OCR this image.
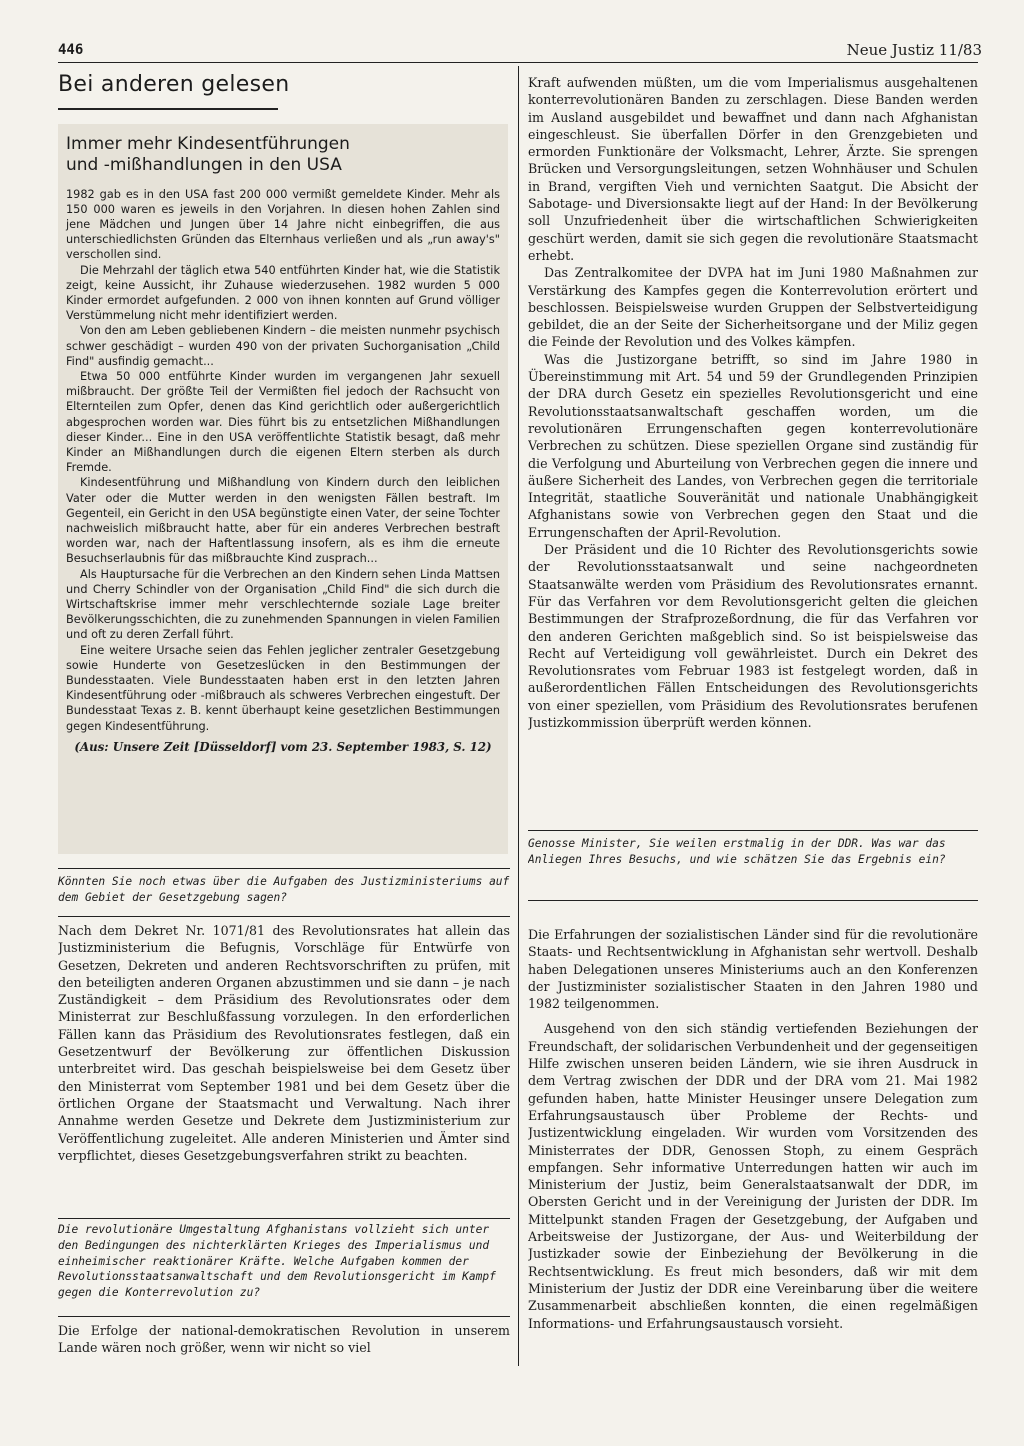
446	Neue Justiz 11/83
Bei anderen gelesen
Immer mehr Kindesentführungen
und -mißhandlungen in den USA

1982 gab es in den USA fast 200 000 vermißt gemeldete Kinder. Mehr als 150 000 waren es jeweils in den Vorjahren. In diesen hohen Zahlen sind jene Mädchen und Jungen über 14 Jahre nicht einbegriffen, die aus unterschiedlichsten Gründen das Elternhaus verließen und als „run away's" verschollen sind.

Die Mehrzahl der täglich etwa 540 entführten Kinder hat, wie die Statistik zeigt, keine Aussicht, ihr Zuhause wiederzusehen. 1982 wurden 5 000 Kinder ermordet aufgefunden. 2 000 von ihnen konnten auf Grund völliger Verstümmelung nicht mehr identifiziert werden.

Von den am Leben gebliebenen Kindern – die meisten nunmehr psychisch schwer geschädigt – wurden 490 von der privaten Suchorganisation „Child Find" ausfindig gemacht...

Etwa 50 000 entführte Kinder wurden im vergangenen Jahr sexuell mißbraucht. Der größte Teil der Vermißten fiel jedoch der Rachsucht von Elternteilen zum Opfer, denen das Kind gerichtlich oder außergerichtlich abgesprochen worden war. Dies führt bis zu entsetzlichen Mißhandlungen dieser Kinder... Eine in den USA veröffentlichte Statistik besagt, daß mehr Kinder an Mißhandlungen durch die eigenen Eltern sterben als durch Fremde.

Kindesentführung und Mißhandlung von Kindern durch den leiblichen Vater oder die Mutter werden in den wenigsten Fällen bestraft. Im Gegenteil, ein Gericht in den USA begünstigte einen Vater, der seine Tochter nachweislich mißbraucht hatte, aber für ein anderes Verbrechen bestraft worden war, nach der Haftentlassung insofern, als es ihm die erneute Besuchserlaubnis für das mißbrauchte Kind zusprach...

Als Hauptursache für die Verbrechen an den Kindern sehen Linda Mattsen und Cherry Schindler von der Organisation „Child Find" die sich durch die Wirtschaftskrise immer mehr verschlechternde soziale Lage breiter Bevölkerungsschichten, die zu zunehmenden Spannungen in vielen Familien und oft zu deren Zerfall führt.

Eine weitere Ursache seien das Fehlen jeglicher zentraler Gesetzgebung sowie Hunderte von Gesetzeslücken in den Bestimmungen der Bundesstaaten. Viele Bundesstaaten haben erst in den letzten Jahren Kindesentführung oder -mißbrauch als schweres Verbrechen eingestuft. Der Bundesstaat Texas z. B. kennt überhaupt keine gesetzlichen Bestimmungen gegen Kindesentführung.

(Aus: Unsere Zeit [Düsseldorf] vom 23. September 1983, S. 12)

Könnten Sie noch etwas über die Aufgaben des Justizministeriums auf dem Gebiet der Gesetzgebung sagen?

Nach dem Dekret Nr. 1071/81 des Revolutionsrates hat allein das Justizministerium die Befugnis, Vorschläge für Entwürfe von Gesetzen, Dekreten und anderen Rechtsvorschriften zu prüfen, mit den beteiligten anderen Organen abzustimmen und sie dann – je nach Zuständigkeit – dem Präsidium des Revolutionsrates oder dem Ministerrat zur Beschlußfassung vorzulegen. In den erforderlichen Fällen kann das Präsidium des Revolutionsrates festlegen, daß ein Gesetzentwurf der Bevölkerung zur öffentlichen Diskussion unterbreitet wird. Das geschah beispielsweise bei dem Gesetz über den Ministerrat vom September 1981 und bei dem Gesetz über die örtlichen Organe der Staatsmacht und Verwaltung. Nach ihrer Annahme werden Gesetze und Dekrete dem Justizministerium zur Veröffentlichung zugeleitet. Alle anderen Ministerien und Ämter sind verpflichtet, dieses Gesetzgebungsverfahren strikt zu beachten.

Die revolutionäre Umgestaltung Afghanistans vollzieht sich unter den Bedingungen des nichterklärten Krieges des Imperialismus und einheimischer reaktionärer Kräfte. Welche Aufgaben kommen der Revolutionsstaatsanwaltschaft und dem Revolutionsgericht im Kampf gegen die Konterrevolution zu?

Die Erfolge der national-demokratischen Revolution in unserem Lande wären noch größer, wenn wir nicht so viel

Kraft aufwenden müßten, um die vom Imperialismus ausgehaltenen konterrevolutionären Banden zu zerschlagen. Diese Banden werden im Ausland ausgebildet und bewaffnet und dann nach Afghanistan eingeschleust. Sie überfallen Dörfer in den Grenzgebieten und ermorden Funktionäre der Volksmacht, Lehrer, Ärzte. Sie sprengen Brücken und Versorgungsleitungen, setzen Wohnhäuser und Schulen in Brand, vergiften Vieh und vernichten Saatgut. Die Absicht der Sabotage- und Diversionsakte liegt auf der Hand: In der Bevölkerung soll Unzufriedenheit über die wirtschaftlichen Schwierigkeiten geschürt werden, damit sie sich gegen die revolutionäre Staatsmacht erhebt.

Das Zentralkomitee der DVPA hat im Juni 1980 Maßnahmen zur Verstärkung des Kampfes gegen die Konterrevolution erörtert und beschlossen. Beispielsweise wurden Gruppen der Selbstverteidigung gebildet, die an der Seite der Sicherheitsorgane und der Miliz gegen die Feinde der Revolution und des Volkes kämpfen.

Was die Justizorgane betrifft, so sind im Jahre 1980 in Übereinstimmung mit Art. 54 und 59 der Grundlegenden Prinzipien der DRA durch Gesetz ein spezielles Revolutionsgericht und eine Revolutionsstaatsanwaltschaft geschaffen worden, um die revolutionären Errungenschaften gegen konterrevolutionäre Verbrechen zu schützen. Diese speziellen Organe sind zuständig für die Verfolgung und Aburteilung von Verbrechen gegen die innere und äußere Sicherheit des Landes, von Verbrechen gegen die territoriale Integrität, staatliche Souveränität und nationale Unabhängigkeit Afghanistans sowie von Verbrechen gegen den Staat und die Errungenschaften der April-Revolution.

Der Präsident und die 10 Richter des Revolutionsgerichts sowie der Revolutionsstaatsanwalt und seine nachgeordneten Staatsanwälte werden vom Präsidium des Revolutionsrates ernannt. Für das Verfahren vor dem Revolutionsgericht gelten die gleichen Bestimmungen der Strafprozeßordnung, die für das Verfahren vor den anderen Gerichten maßgeblich sind. So ist beispielsweise das Recht auf Verteidigung voll gewährleistet. Durch ein Dekret des Revolutionsrates vom Februar 1983 ist festgelegt worden, daß in außerordentlichen Fällen Entscheidungen des Revolutionsgerichts von einer speziellen, vom Präsidium des Revolutionsrates berufenen Justizkommission überprüft werden können.

Genosse Minister, Sie weilen erstmalig in der DDR. Was war das Anliegen Ihres Besuchs, und wie schätzen Sie das Ergebnis ein?

Die Erfahrungen der sozialistischen Länder sind für die revolutionäre Staats- und Rechtsentwicklung in Afghanistan sehr wertvoll. Deshalb haben Delegationen unseres Ministeriums auch an den Konferenzen der Justizminister sozialistischer Staaten in den Jahren 1980 und 1982 teilgenommen.

Ausgehend von den sich ständig vertiefenden Beziehungen der Freundschaft, der solidarischen Verbundenheit und der gegenseitigen Hilfe zwischen unseren beiden Ländern, wie sie ihren Ausdruck in dem Vertrag zwischen der DDR und der DRA vom 21. Mai 1982 gefunden haben, hatte Minister Heusinger unsere Delegation zum Erfahrungsaustausch über Probleme der Rechts- und Justizentwicklung eingeladen. Wir wurden vom Vorsitzenden des Ministerrates der DDR, Genossen Stoph, zu einem Gespräch empfangen. Sehr informative Unterredungen hatten wir auch im Ministerium der Justiz, beim Generalstaatsanwalt der DDR, im Obersten Gericht und in der Vereinigung der Juristen der DDR. Im Mittelpunkt standen Fragen der Gesetzgebung, der Aufgaben und Arbeitsweise der Justizorgane, der Aus- und Weiterbildung der Justizkader sowie der Einbeziehung der Bevölkerung in die Rechtsentwicklung. Es freut mich besonders, daß wir mit dem Ministerium der Justiz der DDR eine Vereinbarung über die weitere Zusammenarbeit abschließen konnten, die einen regelmäßigen Informations- und Erfahrungsaustausch vorsieht.
